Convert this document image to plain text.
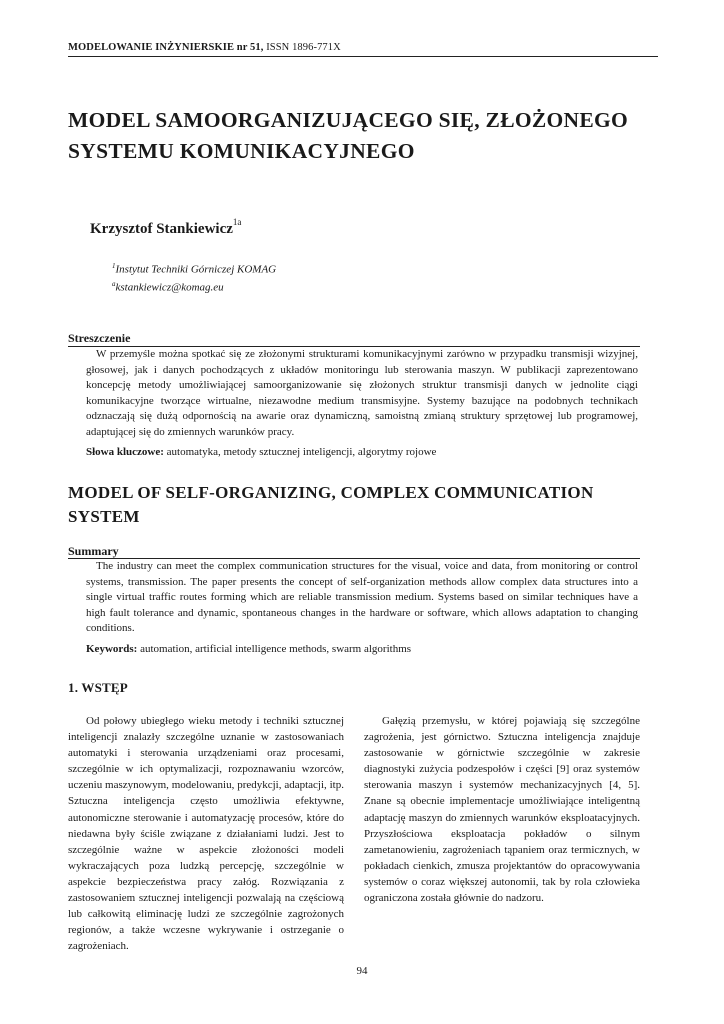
MODELOWANIE INŻYNIERSKIE nr 51, ISSN 1896-771X
MODEL SAMOORGANIZUJĄCEGO SIĘ, ZŁOŻONEGO SYSTEMU KOMUNIKACYJNEGO

Krzysztof Stankiewicz$^{1a}$

$^1$Instytut Techniki Górniczej KOMAG

$^a$kstankiewicz@komag.eu

Streszczenie

W przemyśle można spotkać się ze złożonymi strukturami komunikacyjnymi zarówno w przypadku transmisji wizyjnej, głosowej, jak i danych pochodzących z układów monitoringu lub sterowania maszyn. W publikacji zaprezentowano koncepcję metody umożliwiającej samoorganizowanie się złożonych struktur transmisji danych w jednolite ciągi komunikacyjne tworzące wirtualne, niezawodne medium transmisyjne. Systemy bazujące na podobnych technikach odznaczają się dużą odpornością na awarie oraz dynamiczną, samoistną zmianą struktury sprzętowej lub programowej, adaptującej się do zmiennych warunków pracy.

Słowa kluczowe: automatyka, metody sztucznej inteligencji, algorytmy rojowe

MODEL OF SELF-ORGANIZING, COMPLEX COMMUNICATION SYSTEM

Summary

The industry can meet the complex communication structures for the visual, voice and data, from monitoring or control systems, transmission. The paper presents the concept of self-organization methods allow complex data structures into a single virtual traffic routes forming which are reliable transmission medium. Systems based on similar techniques have a high fault tolerance and dynamic, spontaneous changes in the hardware or software, which allows adaptation to changing conditions.

Keywords: automation, artificial intelligence methods, swarm algorithms

1. WSTĘP

Od połowy ubiegłego wieku metody i techniki sztucznej inteligencji znalazły szczególne uznanie w zastosowaniach automatyki i sterowania urządzeniami oraz procesami, szczególnie w ich optymalizacji, rozpoznawaniu wzorców, uczeniu maszynowym, modelowaniu, predykcji, adaptacji, itp. Sztuczna inteligencja często umożliwia efektywne, autonomiczne sterowanie i automatyzację procesów, które do niedawna były ściśle związane z działaniami ludzi. Jest to szczególnie ważne w aspekcie złożoności modeli wykraczających poza ludzką percepcję, szczególnie w aspekcie bezpieczeństwa pracy załóg. Rozwiązania z zastosowaniem sztucznej inteligencji pozwalają na częściową lub całkowitą eliminację ludzi ze szczególnie zagrożonych regionów, a także wczesne wykrywanie i ostrzeganie o zagrożeniach.

Gałęzią przemysłu, w której pojawiają się szczególne zagrożenia, jest górnictwo. Sztuczna inteligencja znajduje zastosowanie w górnictwie szczególnie w zakresie diagnostyki zużycia podzespołów i części [9] oraz systemów sterowania maszyn i systemów mechanizacyjnych [4, 5]. Znane są obecnie implementacje umożliwiające inteligentną adaptację maszyn do zmiennych warunków eksploatacyjnych. Przyszłościowa eksploatacja pokładów o silnym zametanowieniu, zagrożeniach tąpaniem oraz termicznych, w pokładach cienkich, zmusza projektantów do opracowywania systemów o coraz większej autonomii, tak by rola człowieka ograniczona została głównie do nadzoru.

94
